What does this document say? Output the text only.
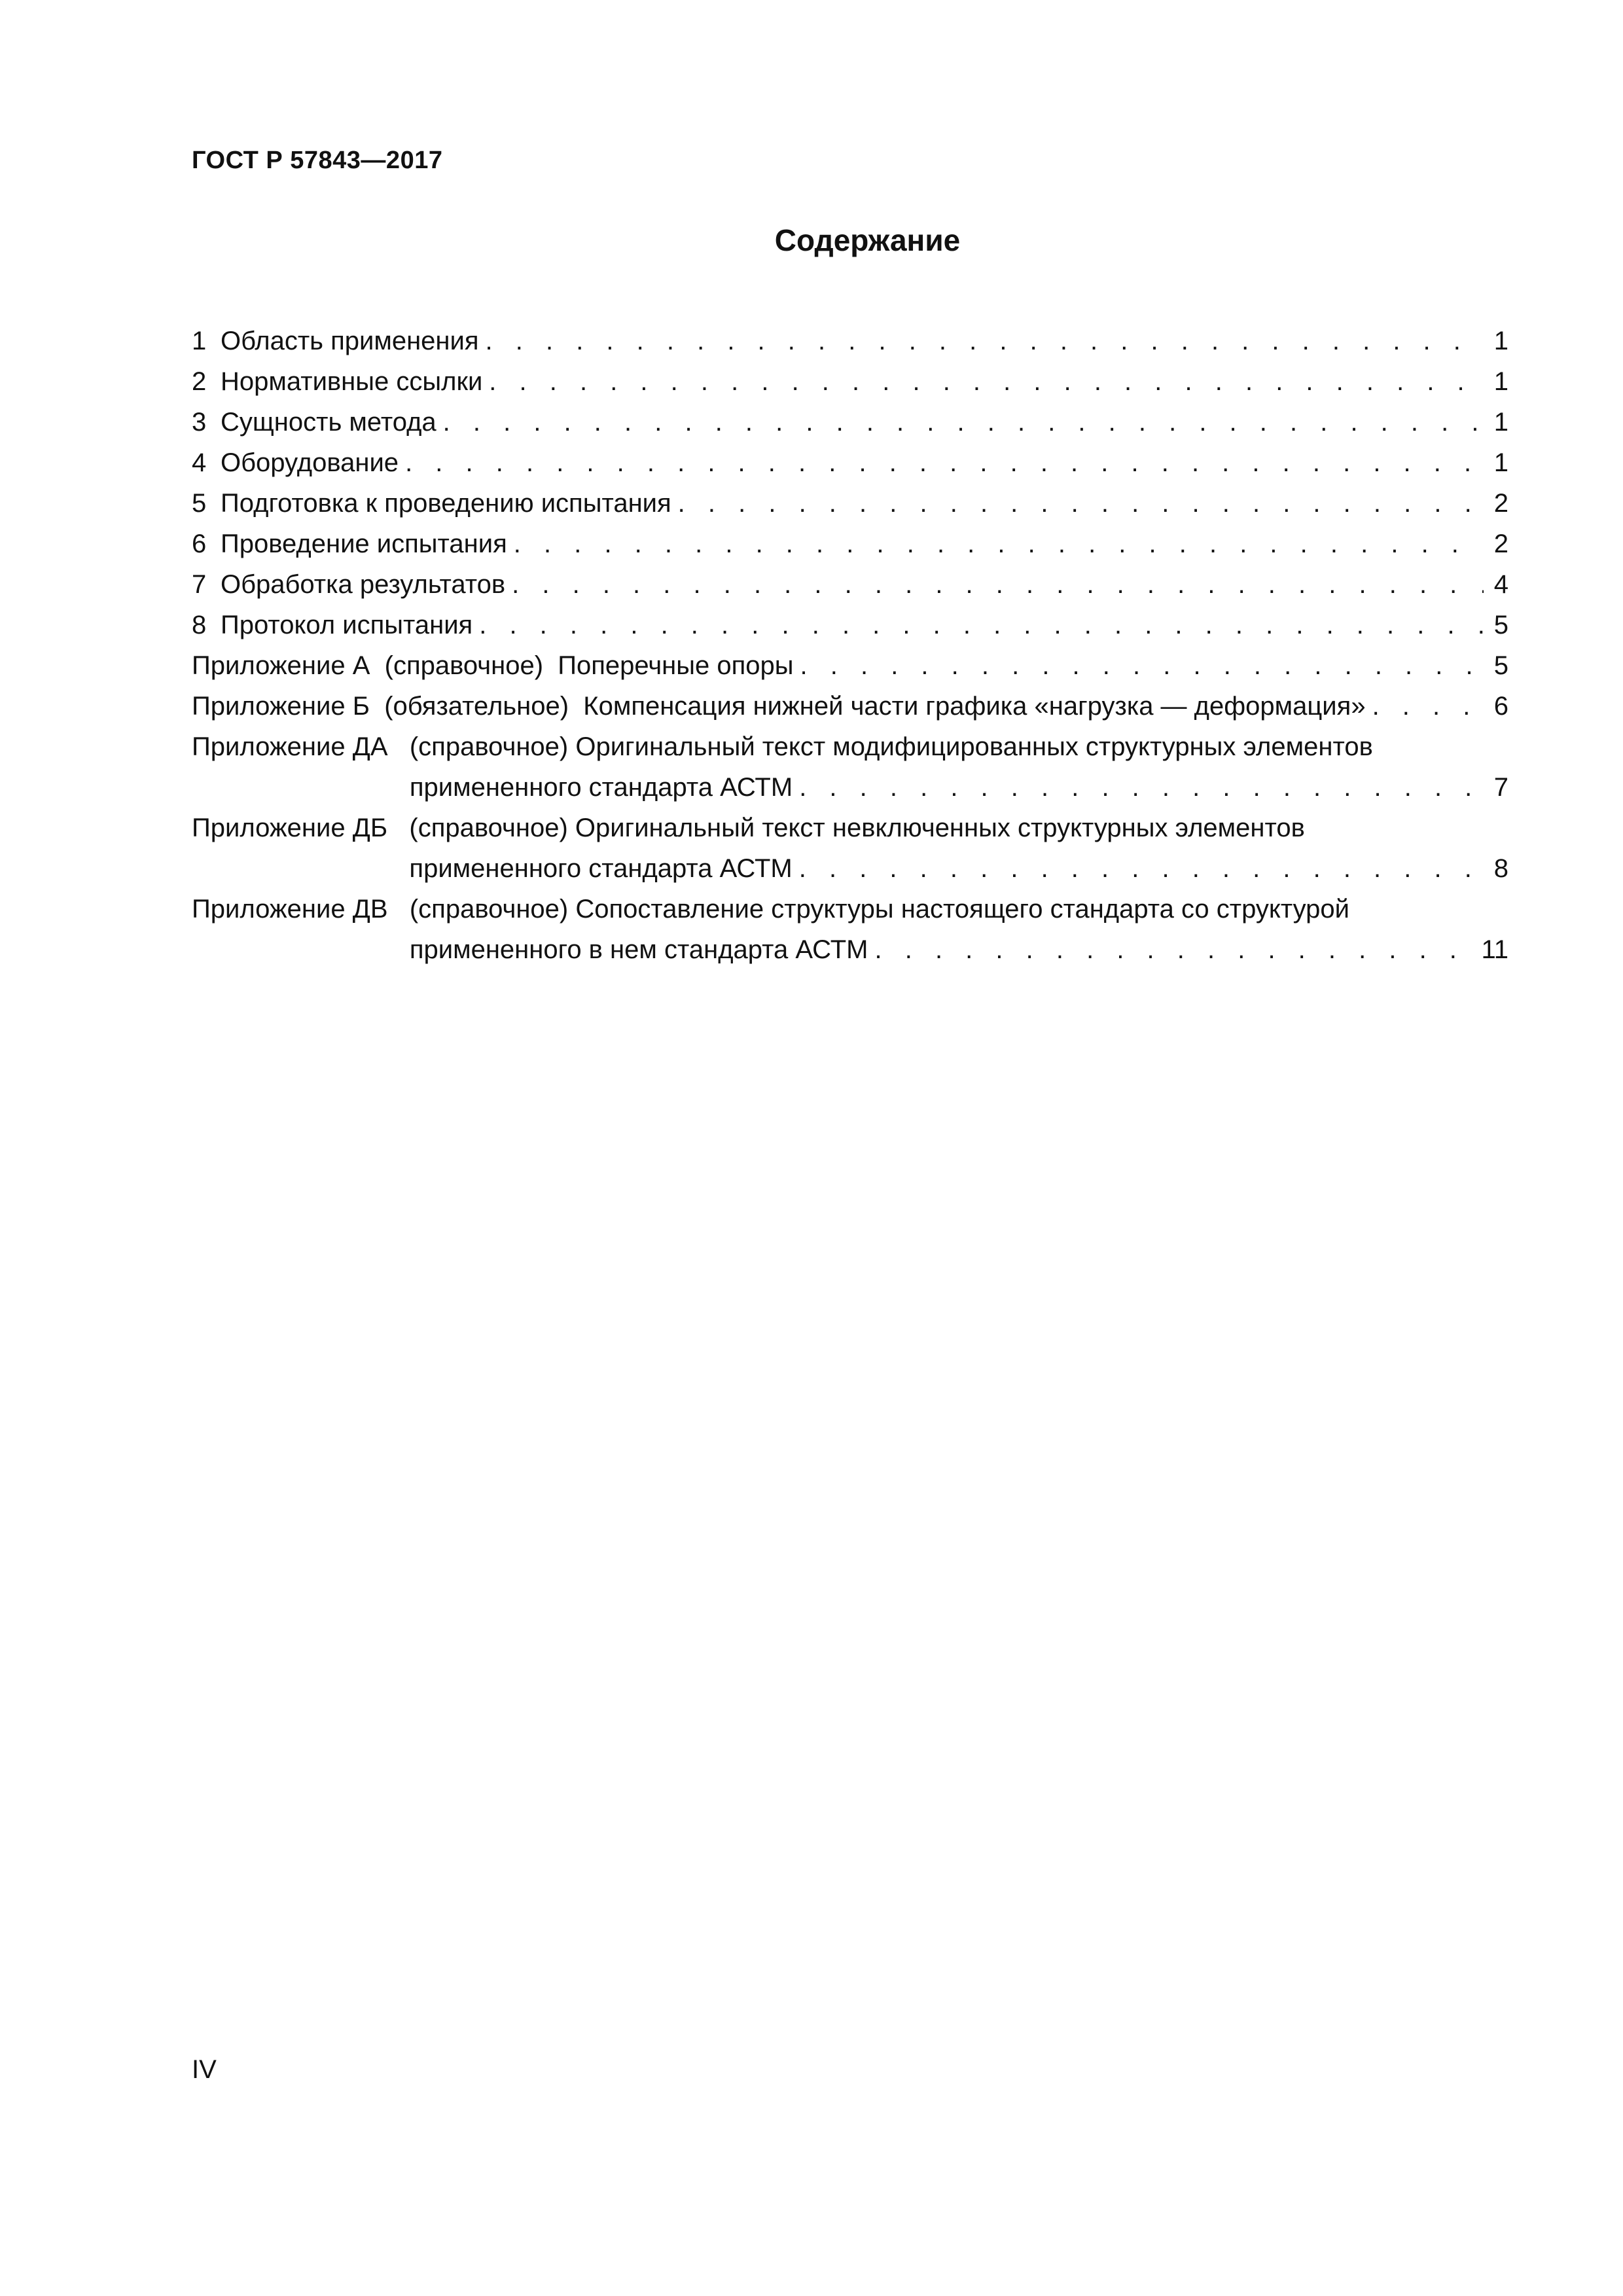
ГОСТ Р 57843—2017
Содержание
1 Область применения . . .	1
2 Нормативные ссылки . . .	1
3 Сущность метода . . .	1
4 Оборудование . . .	1
5 Подготовка к проведению испытания . . .	2
6 Проведение испытания . . .	2
7 Обработка результатов . . .	4
8 Протокол испытания . . .	5
Приложение А  (справочное) Поперечные опоры . . .	5
Приложение Б  (обязательное) Компенсация нижней части графика «нагрузка — деформация» . . .	6
Приложение ДА (справочное) Оригинальный текст модифицированных структурных элементов
примененного стандарта АСТМ . . .	7
Приложение ДБ (справочное) Оригинальный текст невключенных структурных элементов
примененного стандарта АСТМ . . .	8
Приложение ДВ (справочное) Сопоставление структуры настоящего стандарта со структурой
примененного в нем стандарта АСТМ . . .	11
IV
